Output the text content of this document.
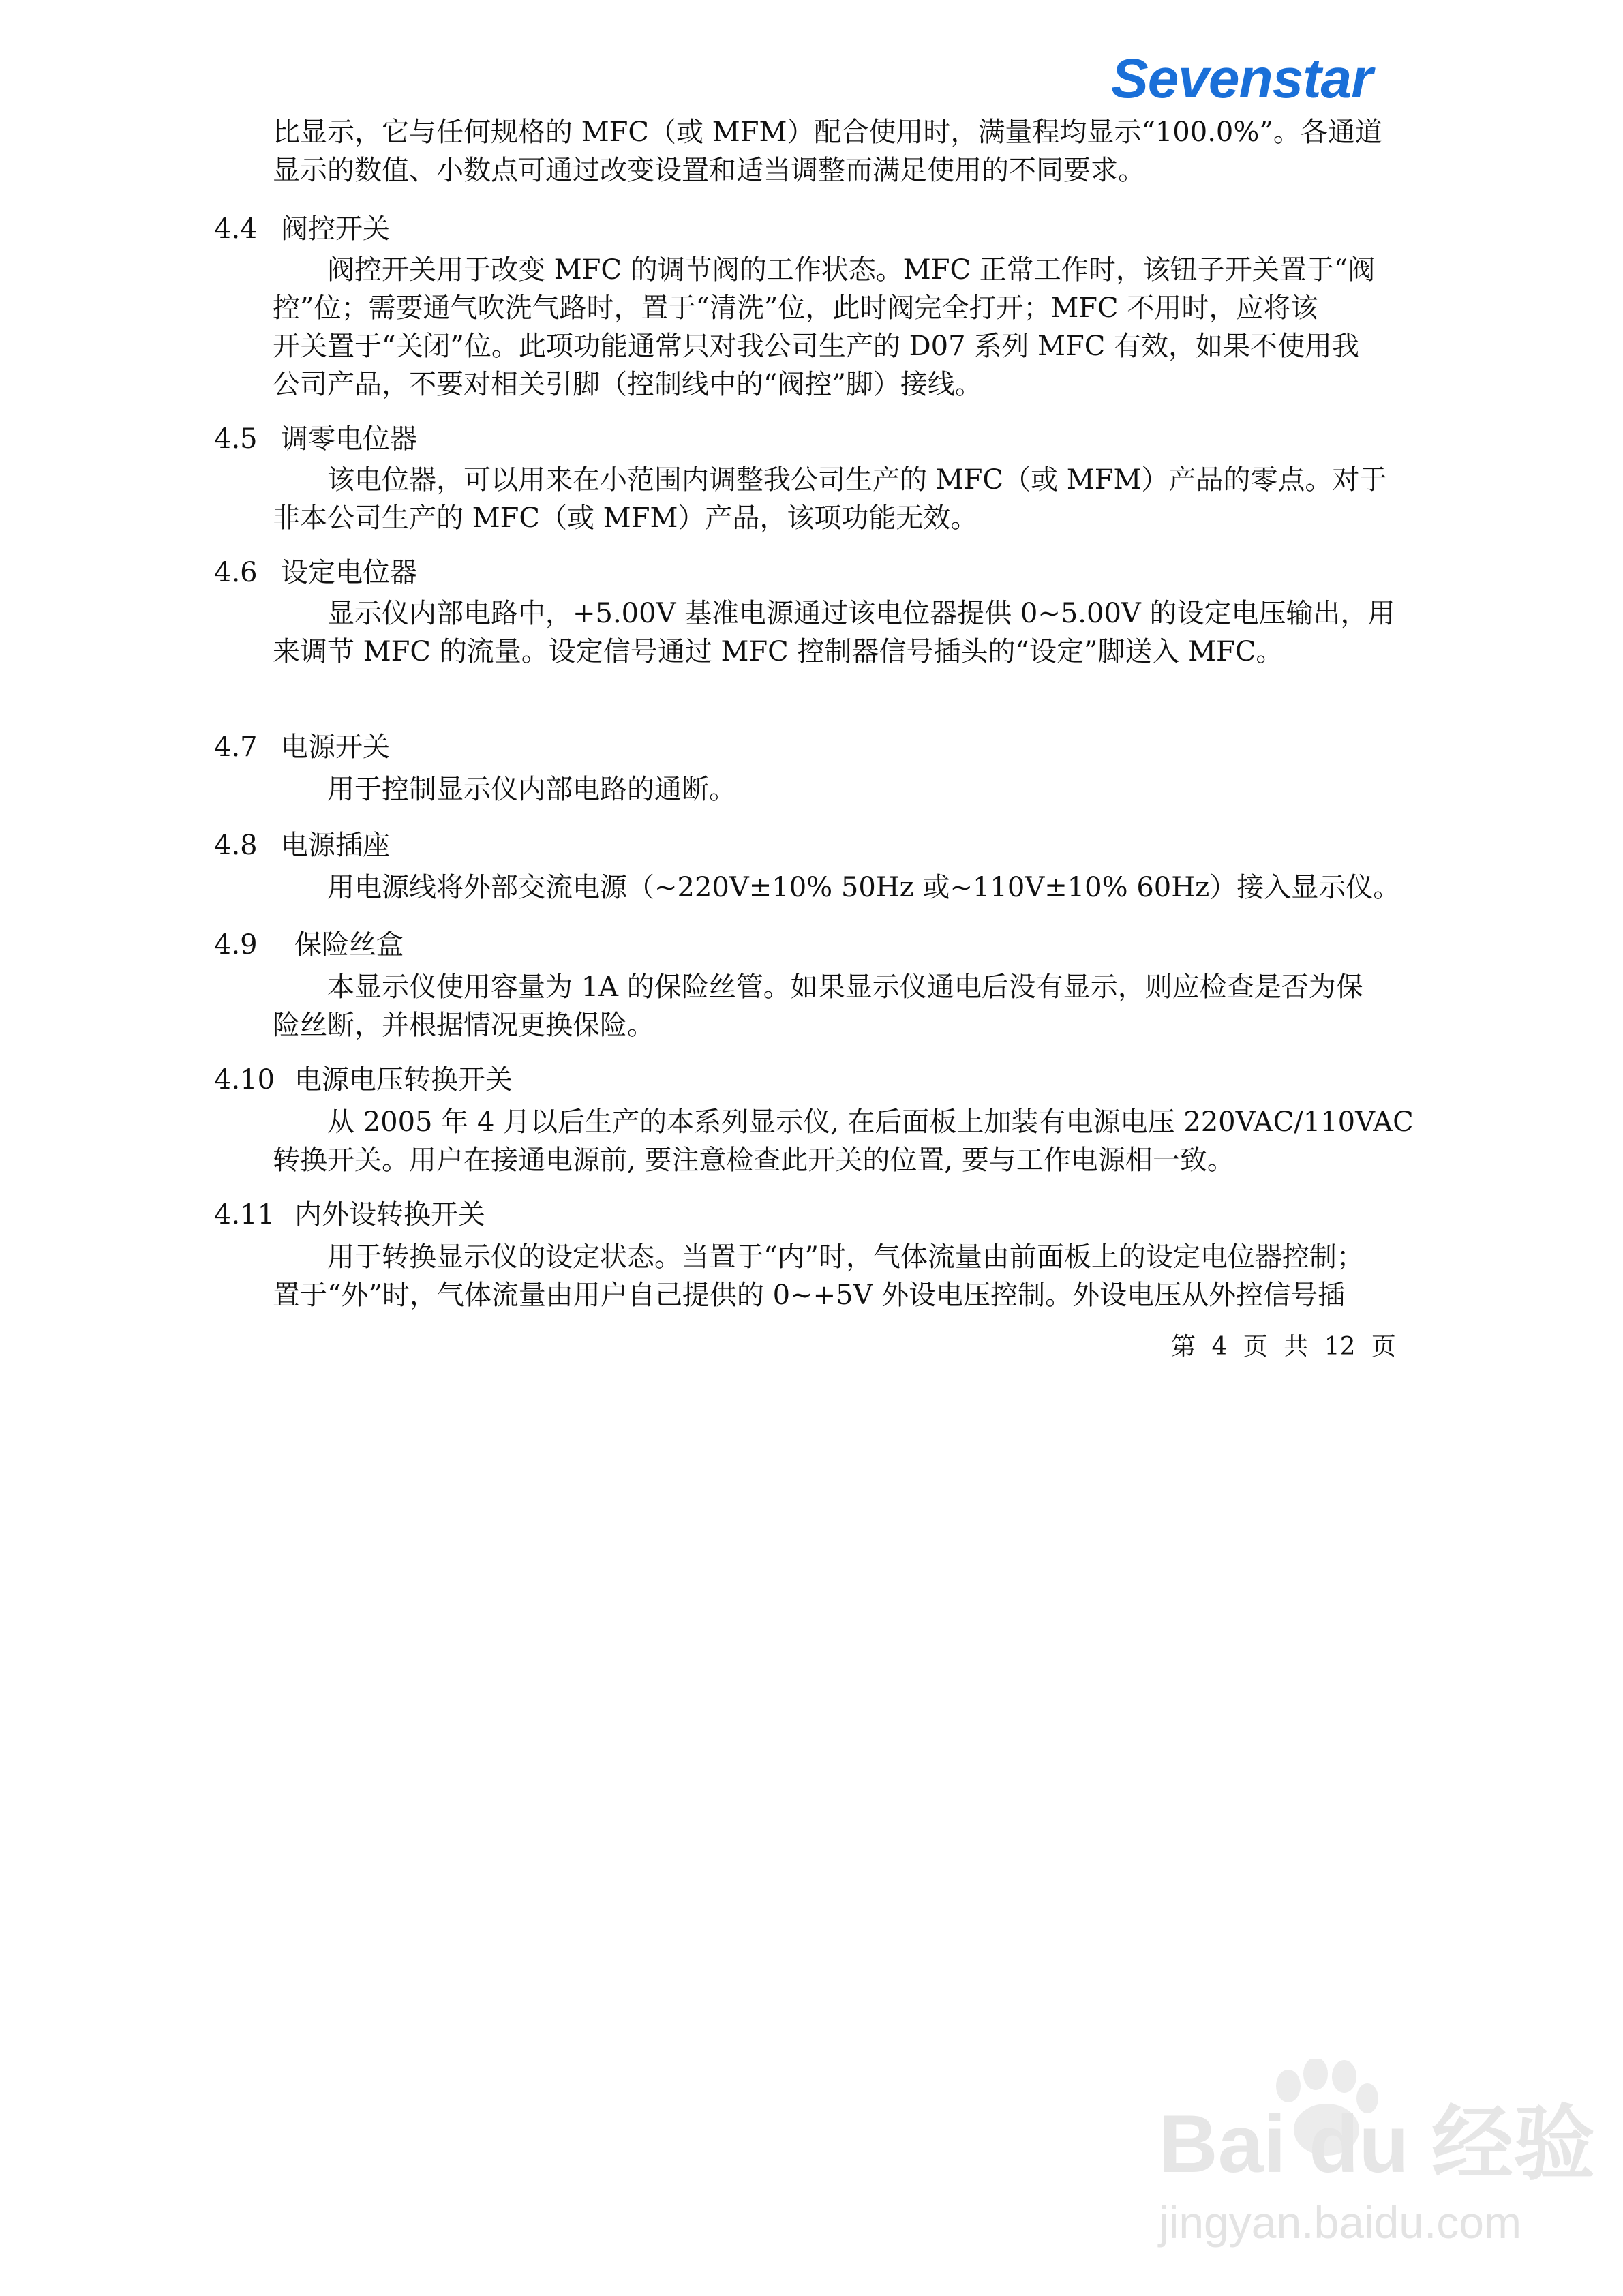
Sevenstar
比显示，它与任何规格的 MFC（或 MFM）配合使用时，满量程均显示“100.0%”。各通道
显示的数值、小数点可通过改变设置和适当调整而满足使用的不同要求。
4.4 阀控开关
阀控开关用于改变 MFC 的调节阀的工作状态。MFC 正常工作时，该钮子开关置于“阀
控”位；需要通气吹洗气路时，置于“清洗”位，此时阀完全打开；MFC 不用时，应将该
开关置于“关闭”位。此项功能通常只对我公司生产的 D07 系列 MFC 有效，如果不使用我
公司产品，不要对相关引脚（控制线中的“阀控”脚）接线。
4.5 调零电位器
该电位器，可以用来在小范围内调整我公司生产的 MFC（或 MFM）产品的零点。对于
非本公司生产的 MFC（或 MFM）产品，该项功能无效。
4.6 设定电位器
显示仪内部电路中，+5.00V 基准电源通过该电位器提供 0~5.00V 的设定电压输出，用
来调节 MFC 的流量。设定信号通过 MFC 控制器信号插头的“设定”脚送入 MFC。
4.7 电源开关
用于控制显示仪内部电路的通断。
4.8 电源插座
用电源线将外部交流电源（~220V±10% 50Hz 或~110V±10% 60Hz）接入显示仪。
4.9 保险丝盒
本显示仪使用容量为 1A 的保险丝管。如果显示仪通电后没有显示，则应检查是否为保
险丝断，并根据情况更换保险。
4.10 电源电压转换开关
从 2005 年 4 月以后生产的本系列显示仪, 在后面板上加装有电源电压 220VAC/110VAC
转换开关。用户在接通电源前, 要注意检查此开关的位置, 要与工作电源相一致。
4.11 内外设转换开关
用于转换显示仪的设定状态。当置于“内”时，气体流量由前面板上的设定电位器控制；
置于“外”时，气体流量由用户自己提供的 0~+5V 外设电压控制。外设电压从外控信号插
第 4 页 共 12 页
Bai du 经验
jingyan.baidu.com
